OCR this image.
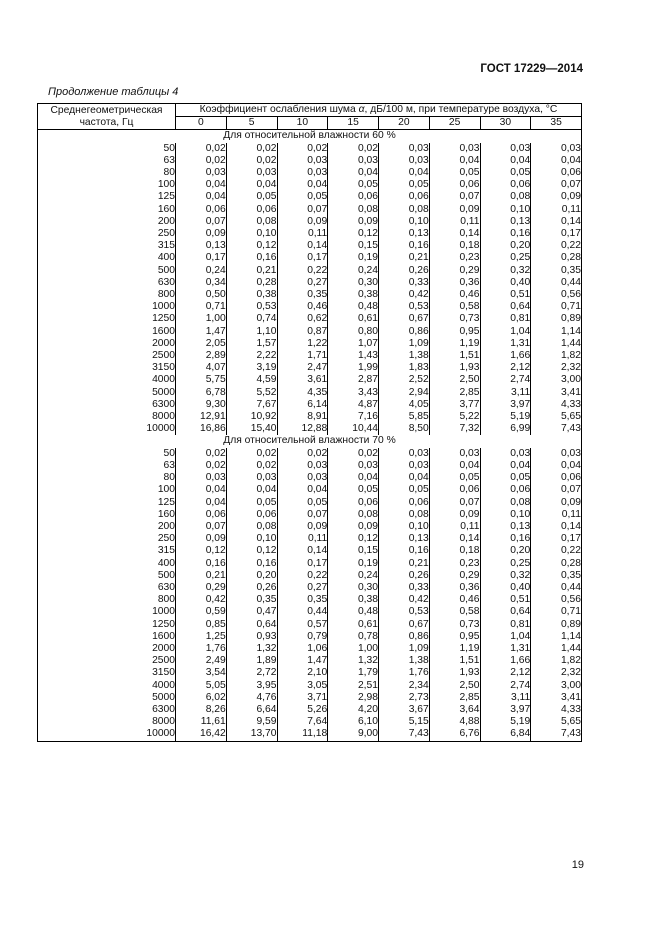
ГОСТ 17229—2014
Продолжение таблицы 4
Среднегеометрическая
частота, Гц	Коэффициент ослабления шума α, дБ/100 м, при температуре воздуха, °C							
	0	5	10	15	20	25	30	35
Для относительной влажности 60 %								
50	0,02	0,02	0,02	0,02	0,03	0,03	0,03	0,03
63	0,02	0,02	0,03	0,03	0,03	0,04	0,04	0,04
80	0,03	0,03	0,03	0,04	0,04	0,05	0,05	0,06
100	0,04	0,04	0,04	0,05	0,05	0,06	0,06	0,07
125	0,04	0,05	0,05	0,06	0,06	0,07	0,08	0,09
160	0,06	0,06	0,07	0,08	0,08	0,09	0,10	0,11
200	0,07	0,08	0,09	0,09	0,10	0,11	0,13	0,14
250	0,09	0,10	0,11	0,12	0,13	0,14	0,16	0,17
315	0,13	0,12	0,14	0,15	0,16	0,18	0,20	0,22
400	0,17	0,16	0,17	0,19	0,21	0,23	0,25	0,28
500	0,24	0,21	0,22	0,24	0,26	0,29	0,32	0,35
630	0,34	0,28	0,27	0,30	0,33	0,36	0,40	0,44
800	0,50	0,38	0,35	0,38	0,42	0,46	0,51	0,56
1000	0,71	0,53	0,46	0,48	0,53	0,58	0,64	0,71
1250	1,00	0,74	0,62	0,61	0,67	0,73	0,81	0,89
1600	1,47	1,10	0,87	0,80	0,86	0,95	1,04	1,14
2000	2,05	1,57	1,22	1,07	1,09	1,19	1,31	1,44
2500	2,89	2,22	1,71	1,43	1,38	1,51	1,66	1,82
3150	4,07	3,19	2,47	1,99	1,83	1,93	2,12	2,32
4000	5,75	4,59	3,61	2,87	2,52	2,50	2,74	3,00
5000	6,78	5,52	4,35	3,43	2,94	2,85	3,11	3,41
6300	9,30	7,67	6,14	4,87	4,05	3,77	3,97	4,33
8000	12,91	10,92	8,91	7,16	5,85	5,22	5,19	5,65
10000	16,86	15,40	12,88	10,44	8,50	7,32	6,99	7,43
Для относительной влажности 70 %								
50	0,02	0,02	0,02	0,02	0,03	0,03	0,03	0,03
63	0,02	0,02	0,03	0,03	0,03	0,04	0,04	0,04
80	0,03	0,03	0,03	0,04	0,04	0,05	0,05	0,06
100	0,04	0,04	0,04	0,05	0,05	0,06	0,06	0,07
125	0,04	0,05	0,05	0,06	0,06	0,07	0,08	0,09
160	0,06	0,06	0,07	0,08	0,08	0,09	0,10	0,11
200	0,07	0,08	0,09	0,09	0,10	0,11	0,13	0,14
250	0,09	0,10	0,11	0,12	0,13	0,14	0,16	0,17
315	0,12	0,12	0,14	0,15	0,16	0,18	0,20	0,22
400	0,16	0,16	0,17	0,19	0,21	0,23	0,25	0,28
500	0,21	0,20	0,22	0,24	0,26	0,29	0,32	0,35
630	0,29	0,26	0,27	0,30	0,33	0,36	0,40	0,44
800	0,42	0,35	0,35	0,38	0,42	0,46	0,51	0,56
1000	0,59	0,47	0,44	0,48	0,53	0,58	0,64	0,71
1250	0,85	0,64	0,57	0,61	0,67	0,73	0,81	0,89
1600	1,25	0,93	0,79	0,78	0,86	0,95	1,04	1,14
2000	1,76	1,32	1,06	1,00	1,09	1,19	1,31	1,44
2500	2,49	1,89	1,47	1,32	1,38	1,51	1,66	1,82
3150	3,54	2,72	2,10	1,79	1,76	1,93	2,12	2,32
4000	5,05	3,95	3,05	2,51	2,34	2,50	2,74	3,00
5000	6,02	4,76	3,71	2,98	2,73	2,85	3,11	3,41
6300	8,26	6,64	5,26	4,20	3,67	3,64	3,97	4,33
8000	11,61	9,59	7,64	6,10	5,15	4,88	5,19	5,65
10000	16,42	13,70	11,18	9,00	7,43	6,76	6,84	7,43
19
